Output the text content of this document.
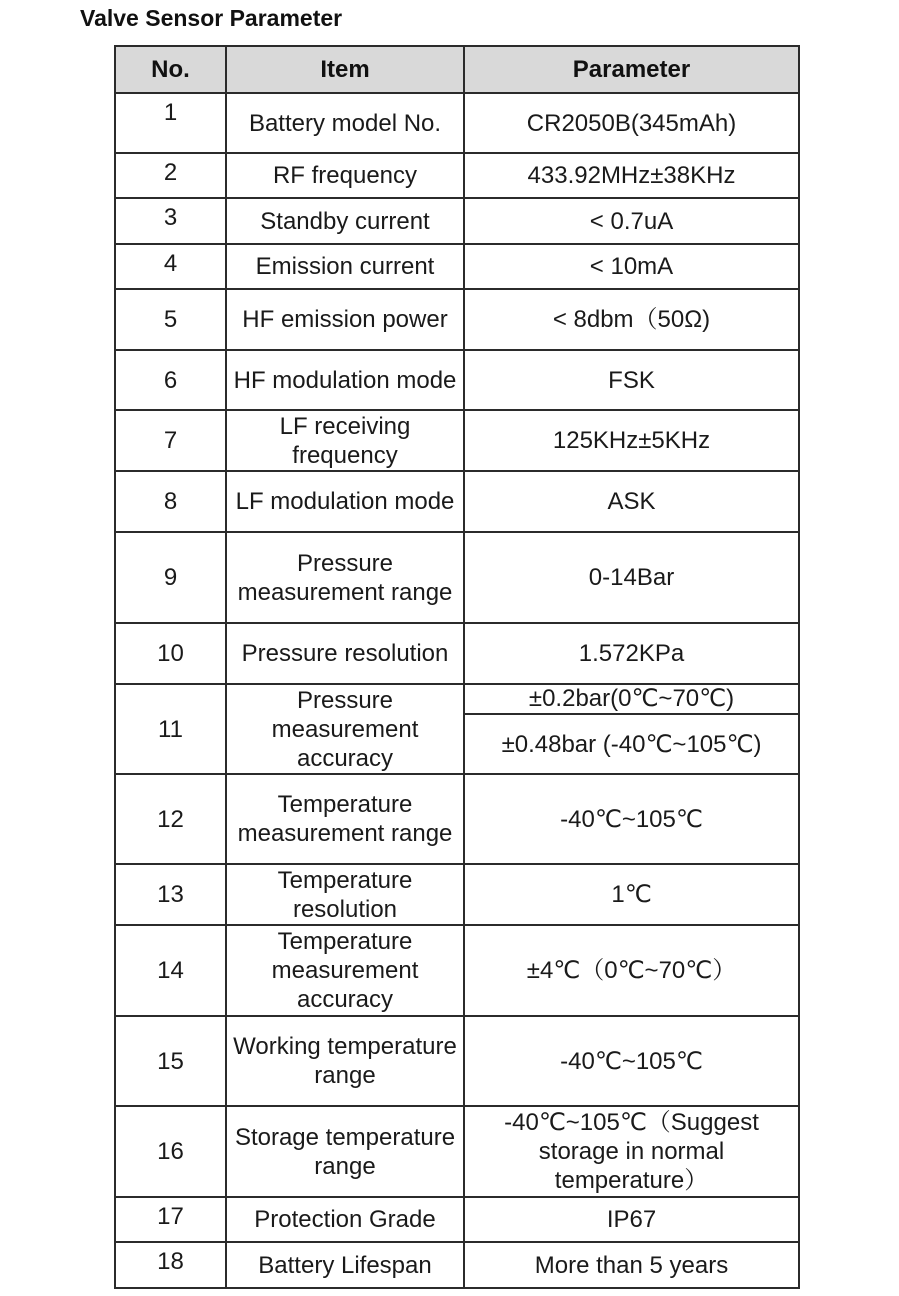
Valve Sensor Parameter
No.	Item	Parameter
1	Battery model No.	CR2050B(345mAh)
2	RF frequency	433.92MHz±38KHz
3	Standby current	< 0.7uA
4	Emission current	< 10mA
5	HF emission power	< 8dbm（50Ω)
6	HF modulation mode	FSK
7	LF receiving frequency	125KHz±5KHz
8	LF modulation mode	ASK
9	Pressure measurement range	0-14Bar
10	Pressure resolution	1.572KPa
11	Pressure measurement accuracy	±0.2bar(0℃~70℃)
±0.48bar (-40℃~105℃)

12	Temperature measurement range	-40℃~105℃
13	Temperature resolution	1℃
14	Temperature measurement accuracy	±4℃（0℃~70℃）
15	Working temperature range	-40℃~105℃
16	Storage temperature range	-40℃~105℃（Suggest storage in normal temperature）
17	Protection Grade	IP67
18	Battery Lifespan	More than 5 years
